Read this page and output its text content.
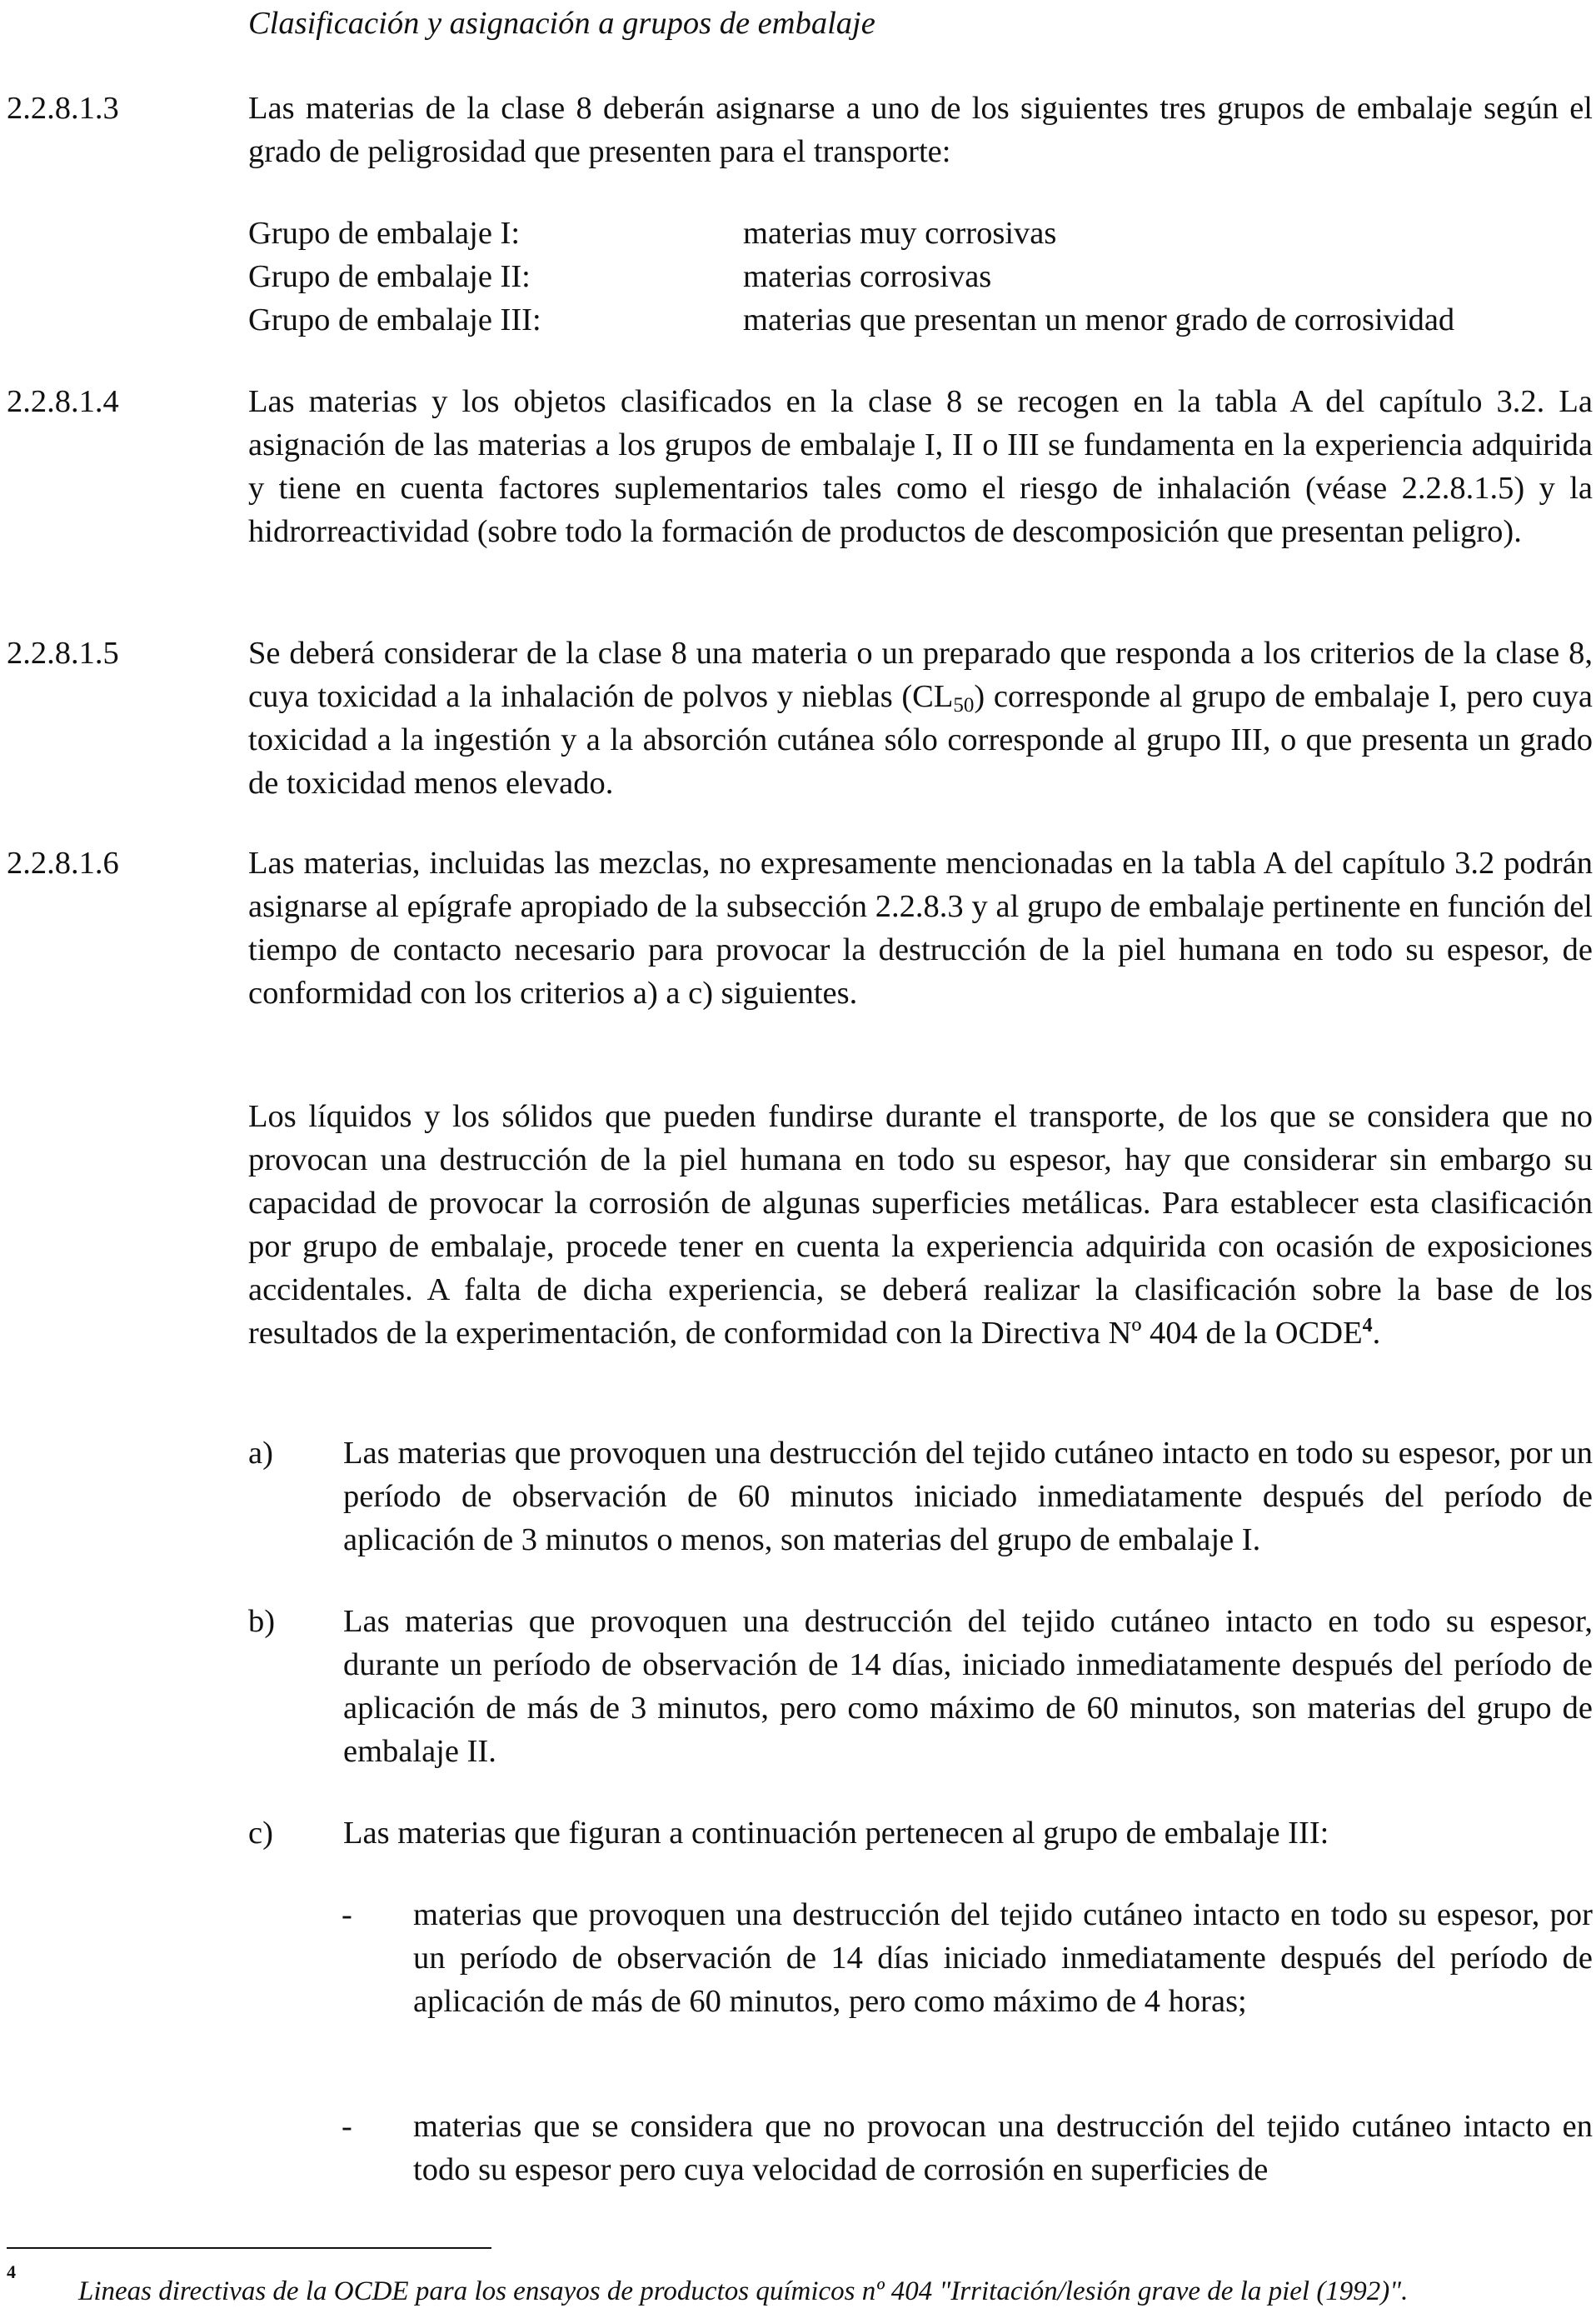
Clasificación y asignación a grupos de embalaje
2.2.8.1.3	Las materias de la clase 8 deberán asignarse a uno de los siguientes tres grupos de embalaje según el grado de peligrosidad que presenten para el transporte:

Grupo de embalaje I:	materias muy corrosivas
Grupo de embalaje II:	materias corrosivas
Grupo de embalaje III:	materias que presentan un menor grado de corrosividad
2.2.8.1.4	Las materias y los objetos clasificados en la clase 8 se recogen en la tabla A del capítulo 3.2. La asignación de las materias a los grupos de embalaje I, II o III se fundamenta en la experiencia adquirida y tiene en cuenta factores suplementarios tales como el riesgo de inhalación (véase 2.2.8.1.5) y la hidrorreactividad (sobre todo la formación de productos de descomposición que presentan peligro).

2.2.8.1.5	Se deberá considerar de la clase 8 una materia o un preparado que responda a los criterios de la clase 8, cuya toxicidad a la inhalación de polvos y nieblas $(CL_{50})$ corresponde al grupo de embalaje I, pero cuya toxicidad a la ingestión y a la absorción cutánea sólo corresponde al grupo III, o que presenta un grado de toxicidad menos elevado.

2.2.8.1.6	Las materias, incluidas las mezclas, no expresamente mencionadas en la tabla A del capítulo 3.2 podrán asignarse al epígrafe apropiado de la subsección 2.2.8.3 y al grupo de embalaje pertinente en función del tiempo de contacto necesario para provocar la destrucción de la piel humana en todo su espesor, de conformidad con los criterios a) a c) siguientes.

Los líquidos y los sólidos que pueden fundirse durante el transporte, de los que se considera que no provocan una destrucción de la piel humana en todo su espesor, hay que considerar sin embargo su capacidad de provocar la corrosión de algunas superficies metálicas. Para establecer esta clasificación por grupo de embalaje, procede tener en cuenta la experiencia adquirida con ocasión de exposiciones accidentales. A falta de dicha experiencia, se deberá realizar la clasificación sobre la base de los resultados de la experimentación, de conformidad con la Directiva Nº 404 de la OCDE$^4$.

a) Las materias que provoquen una destrucción del tejido cutáneo intacto en todo su espesor, por un período de observación de 60 minutos iniciado inmediatamente después del período de aplicación de 3 minutos o menos, son materias del grupo de embalaje I.
b) Las materias que provoquen una destrucción del tejido cutáneo intacto en todo su espesor, durante un período de observación de 14 días, iniciado inmediatamente después del período de aplicación de más de 3 minutos, pero como máximo de 60 minutos, son materias del grupo de embalaje II.
c) Las materias que figuran a continuación pertenecen al grupo de embalaje III:
- materias que provoquen una destrucción del tejido cutáneo intacto en todo su espesor, por un período de observación de 14 días iniciado inmediatamente después del período de aplicación de más de 60 minutos, pero como máximo de 4 horas;
- materias que se considera que no provocan una destrucción del tejido cutáneo intacto en todo su espesor pero cuya velocidad de corrosión en superficies de
4
Lineas directivas de la OCDE para los ensayos de productos químicos nº 404 "Irritación/lesión grave de la piel (1992)".
